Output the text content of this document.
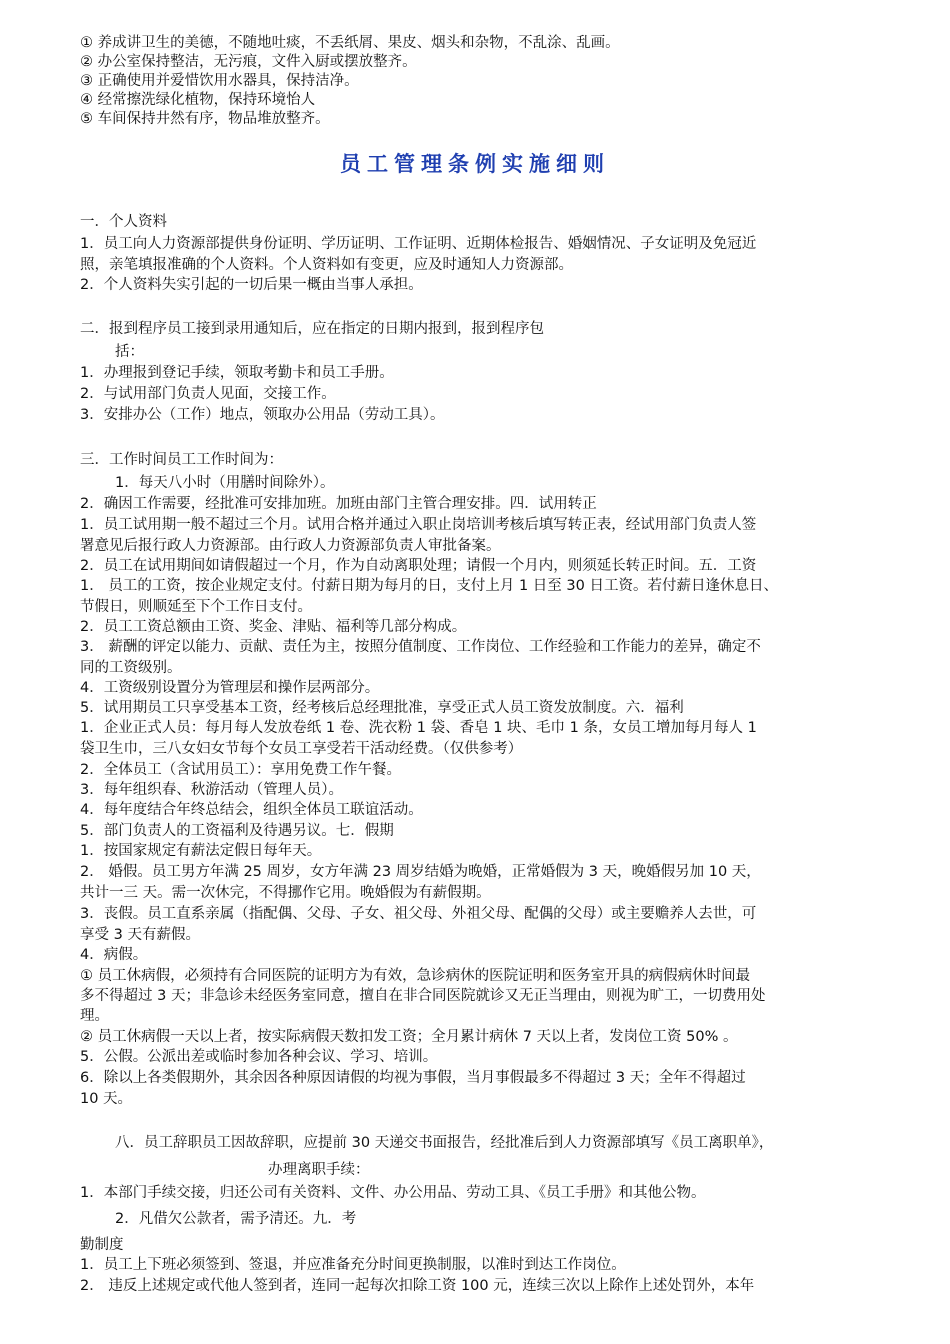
① 养成讲卫生的美德，不随地吐痰，不丢纸屑、果皮、烟头和杂物，不乱涂、乱画。
② 办公室保持整洁，无污痕，文件入厨或摆放整齐。
③ 正确使用并爱惜饮用水器具，保持洁净。
④ 经常擦洗绿化植物，保持环境怡人
⑤ 车间保持井然有序，物品堆放整齐。
员工管理条例实施细则
一．个人资料
1．员工向人力资源部提供身份证明、学历证明、工作证明、近期体检报告、婚姻情况、子女证明及免冠近
照，亲笔填报准确的个人资料。个人资料如有变更，应及时通知人力资源部。
2．个人资料失实引起的一切后果一概由当事人承担。
二．报到程序员工接到录用通知后，应在指定的日期内报到，报到程序包
括：
1．办理报到登记手续，领取考勤卡和员工手册。
2．与试用部门负责人见面，交接工作。
3．安排办公（工作）地点，领取办公用品（劳动工具）。
三．工作时间员工工作时间为：
1．每天八小时（用膳时间除外）。
2．确因工作需要，经批准可安排加班。加班由部门主管合理安排。四．试用转正
1．员工试用期一般不超过三个月。试用合格并通过入职止岗培训考核后填写转正表，经试用部门负责人签
署意见后报行政人力资源部。由行政人力资源部负责人审批备案。
2．员工在试用期间如请假超过一个月，作为自动离职处理；请假一个月内，则须延长转正时间。五．工资
1． 员工的工资，按企业规定支付。付薪日期为每月的日，支付上月 1 日至 30 日工资。若付薪日逢休息日、
节假日，则顺延至下个工作日支付。
2．员工工资总额由工资、奖金、津贴、福利等几部分构成。
3． 薪酬的评定以能力、贡献、责任为主，按照分值制度、工作岗位、工作经验和工作能力的差异，确定不
同的工资级别。
4．工资级别设置分为管理层和操作层两部分。
5．试用期员工只享受基本工资，经考核后总经理批准，享受正式人员工资发放制度。六．福利
1．企业正式人员：每月每人发放卷纸 1 卷、洗衣粉 1 袋、香皂 1 块、毛巾 1 条，女员工增加每月每人 1
袋卫生巾，三八女妇女节每个女员工享受若干活动经费。（仅供参考）
2．全体员工（含试用员工）：享用免费工作午餐。
3．每年组织春、秋游活动（管理人员）。
4．每年度结合年终总结会，组织全体员工联谊活动。
5．部门负责人的工资福利及待遇另议。七．假期
1．按国家规定有薪法定假日每年天。
2． 婚假。员工男方年满 25 周岁，女方年满 23 周岁结婚为晚婚，正常婚假为 3 天，晚婚假另加 10 天，
共计一三 天。需一次休完，不得挪作它用。晚婚假为有薪假期。
3．丧假。员工直系亲属（指配偶、父母、子女、祖父母、外祖父母、配偶的父母）或主要赡养人去世，可
享受 3 天有薪假。
4．病假。
① 员工休病假，必须持有合同医院的证明方为有效，急诊病休的医院证明和医务室开具的病假病休时间最
多不得超过 3 天；非急诊未经医务室同意，擅自在非合同医院就诊又无正当理由，则视为旷工，一切费用处
理。
② 员工休病假一天以上者，按实际病假天数扣发工资；全月累计病休 7 天以上者，发岗位工资 50% 。
5．公假。公派出差或临时参加各种会议、学习、培训。
6．除以上各类假期外，其余因各种原因请假的均视为事假，当月事假最多不得超过 3 天；全年不得超过
10 天。
八．员工辞职员工因故辞职，应提前 30 天递交书面报告，经批准后到人力资源部填写《员工离职单》，
办理离职手续：
1．本部门手续交接，归还公司有关资料、文件、办公用品、劳动工具、《员工手册》和其他公物。
2．凡借欠公款者，需予清还。九．考
勤制度
1．员工上下班必须签到、签退，并应准备充分时间更换制服，以准时到达工作岗位。
2． 违反上述规定或代他人签到者，连同一起每次扣除工资 100 元，连续三次以上除作上述处罚外，本年
